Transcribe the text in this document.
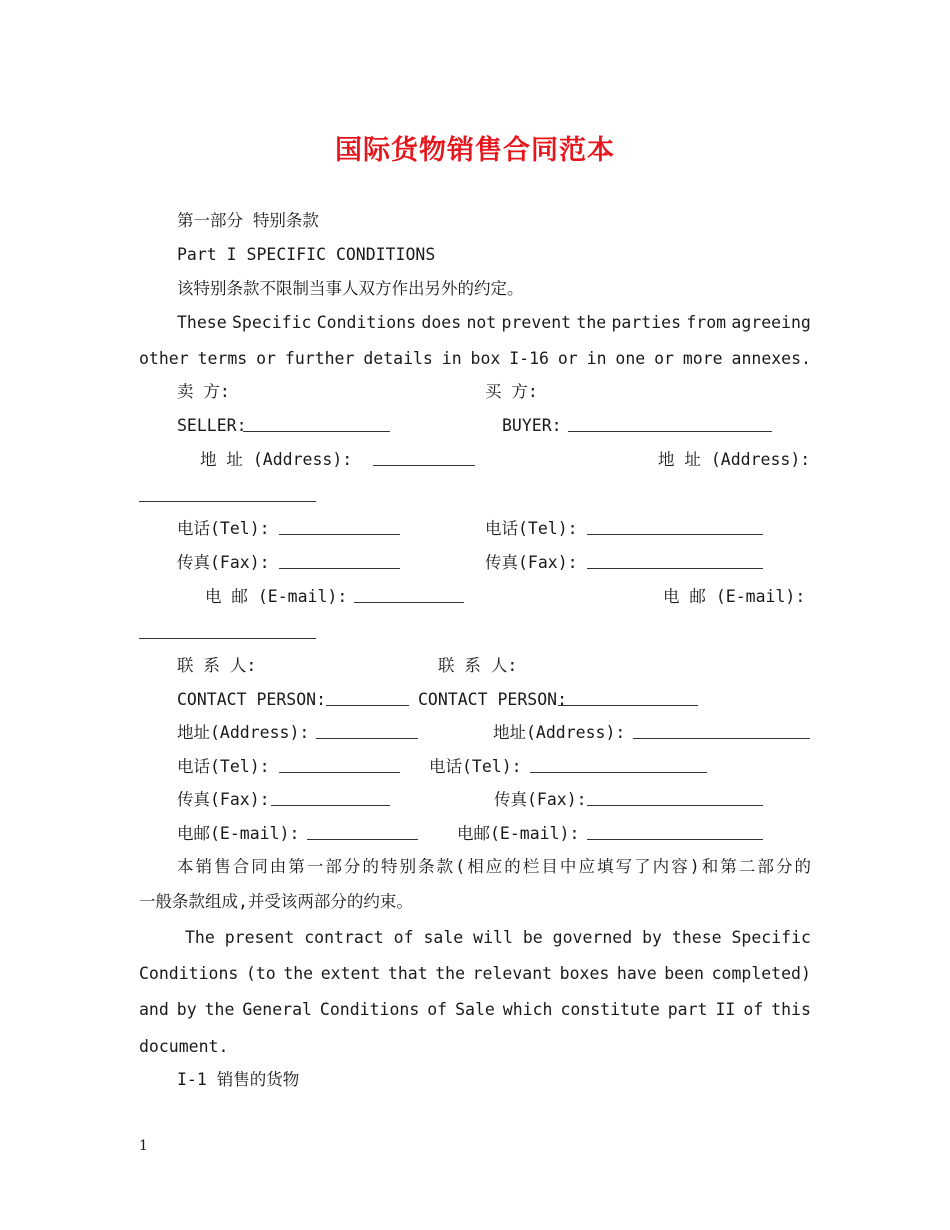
国际货物销售合同范本
第一部分 特别条款
Part I SPECIFIC CONDITIONS
该特别条款不限制当事人双方作出另外的约定。
These Specific Conditions does not prevent the parties from agreeing
other terms or further details in box I-16 or in one or more annexes.
卖 方:	买 方:
SELLER:	BUYER:
地 址 (Address):	地 址 (Address):
电话(Tel):	电话(Tel):
传真(Fax):	传真(Fax):
电 邮 (E-mail):	电 邮 (E-mail):
联 系 人:	联 系 人:
CONTACT PERSON:	CONTACT PERSON:
地址(Address):	地址(Address):
电话(Tel):	电话(Tel):
传真(Fax):	传真(Fax):
电邮(E-mail):	电邮(E-mail):
本销售合同由第一部分的特别条款(相应的栏目中应填写了内容)和第二部分的
一般条款组成,并受该两部分的约束。
The present contract of sale will be governed by these Specific
Conditions (to the extent that the relevant boxes have been completed)
and by the General Conditions of Sale which constitute part II of this
document.
I-1 销售的货物
1
